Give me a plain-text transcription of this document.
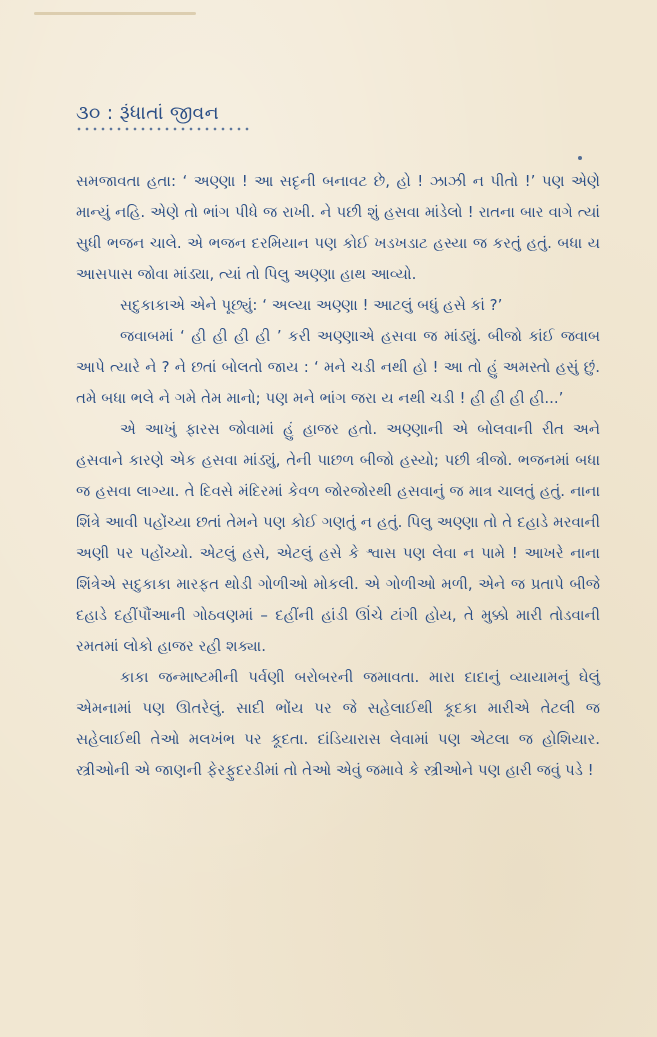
૩૦ : રૂંધાતાં જીવન

સમજાવતા હતા: ‘ અણ્ણા ! આ સદૃની બનાવટ છે, હો ! ઝાઝી ન પીતો !’ પણ એણે માન્યું નહિ. એણે તો ભાંગ પીધે જ રાખી. ને પછી શું હસવા માંડેલો ! રાતના બાર વાગે ત્યાં સુધી ભજન ચાલે. એ ભજન દરમિયાન પણ કોઈ ખડખડાટ હસ્યા જ કરતું હતું. બધા ય આસપાસ જોવા માંડ્યા, ત્યાં તો પિલુ અણ્ણા હાથ આવ્યો.

સદુકાકાએ એને પૂછ્યું: ‘ અલ્યા અણ્ણા ! આટલું બધું હસે કાં ?’

જવાબમાં ‘ હી હી હી હી ’ કરી અણ્ણાએ હસવા જ માંડ્યું. બીજો કાંઈ જવાબ આપે ત્યારે ને ? ને છતાં બોલતો જાય : ‘ મને ચડી નથી હો ! આ તો હું અમસ્તો હસું છું. તમે બધા ભલે ને ગમે તેમ માનો; પણ મને ભાંગ જરા ય નથી ચડી ! હી હી હી હી...’

એ આખું ફારસ જોવામાં હું હાજર હતો. અણ્ણાની એ બોલવાની રીત અને હસવાને કારણે એક હસવા માંડ્યું, તેની પાછળ બીજો હસ્યો; પછી ત્રીજો. ભજનમાં બધા જ હસવા લાગ્યા. તે દિવસે મંદિરમાં કેવળ જોરજોરથી હસવાનું જ માત્ર ચાલતું હતું. નાના શિંત્રે આવી પહોંચ્યા છતાં તેમને પણ કોઈ ગણતું ન હતું. પિલુ અણ્ણા તો તે દહાડે મરવાની અણી પર પહોંચ્યો. એટલું હસે, એટલું હસે કે શ્વાસ પણ લેવા ન પામે ! આખરે નાના શિંત્રેએ સદુકાકા મારફત થોડી ગોળીઓ મોકલી. એ ગોળીઓ મળી, એને જ પ્રતાપે બીજે દહાડે દહીંપૌંઆની ગોઠવણમાં – દહીંની હાંડી ઊંચે ટાંગી હોય, તે મુક્કો મારી તોડવાની રમતમાં લોકો હાજર રહી શક્યા.

કાકા જન્માષ્ટમીની પર્વણી બરોબરની જમાવતા. મારા દાદાનું વ્યાયામનું ઘેલું એમનામાં પણ ઊતરેલું. સાદી ભોંય પર જે સહેલાઈથી કૂદકા મારીએ તેટલી જ સહેલાઈથી તેઓ મલખંભ પર કૂદતા. દાંડિયારાસ લેવામાં પણ એટલા જ હોશિયાર. સ્ત્રીઓની એ જાણની ફેરફુદરડીમાં તો તેઓ એવું જમાવે કે સ્ત્રીઓને પણ હારી જવું પડે !
